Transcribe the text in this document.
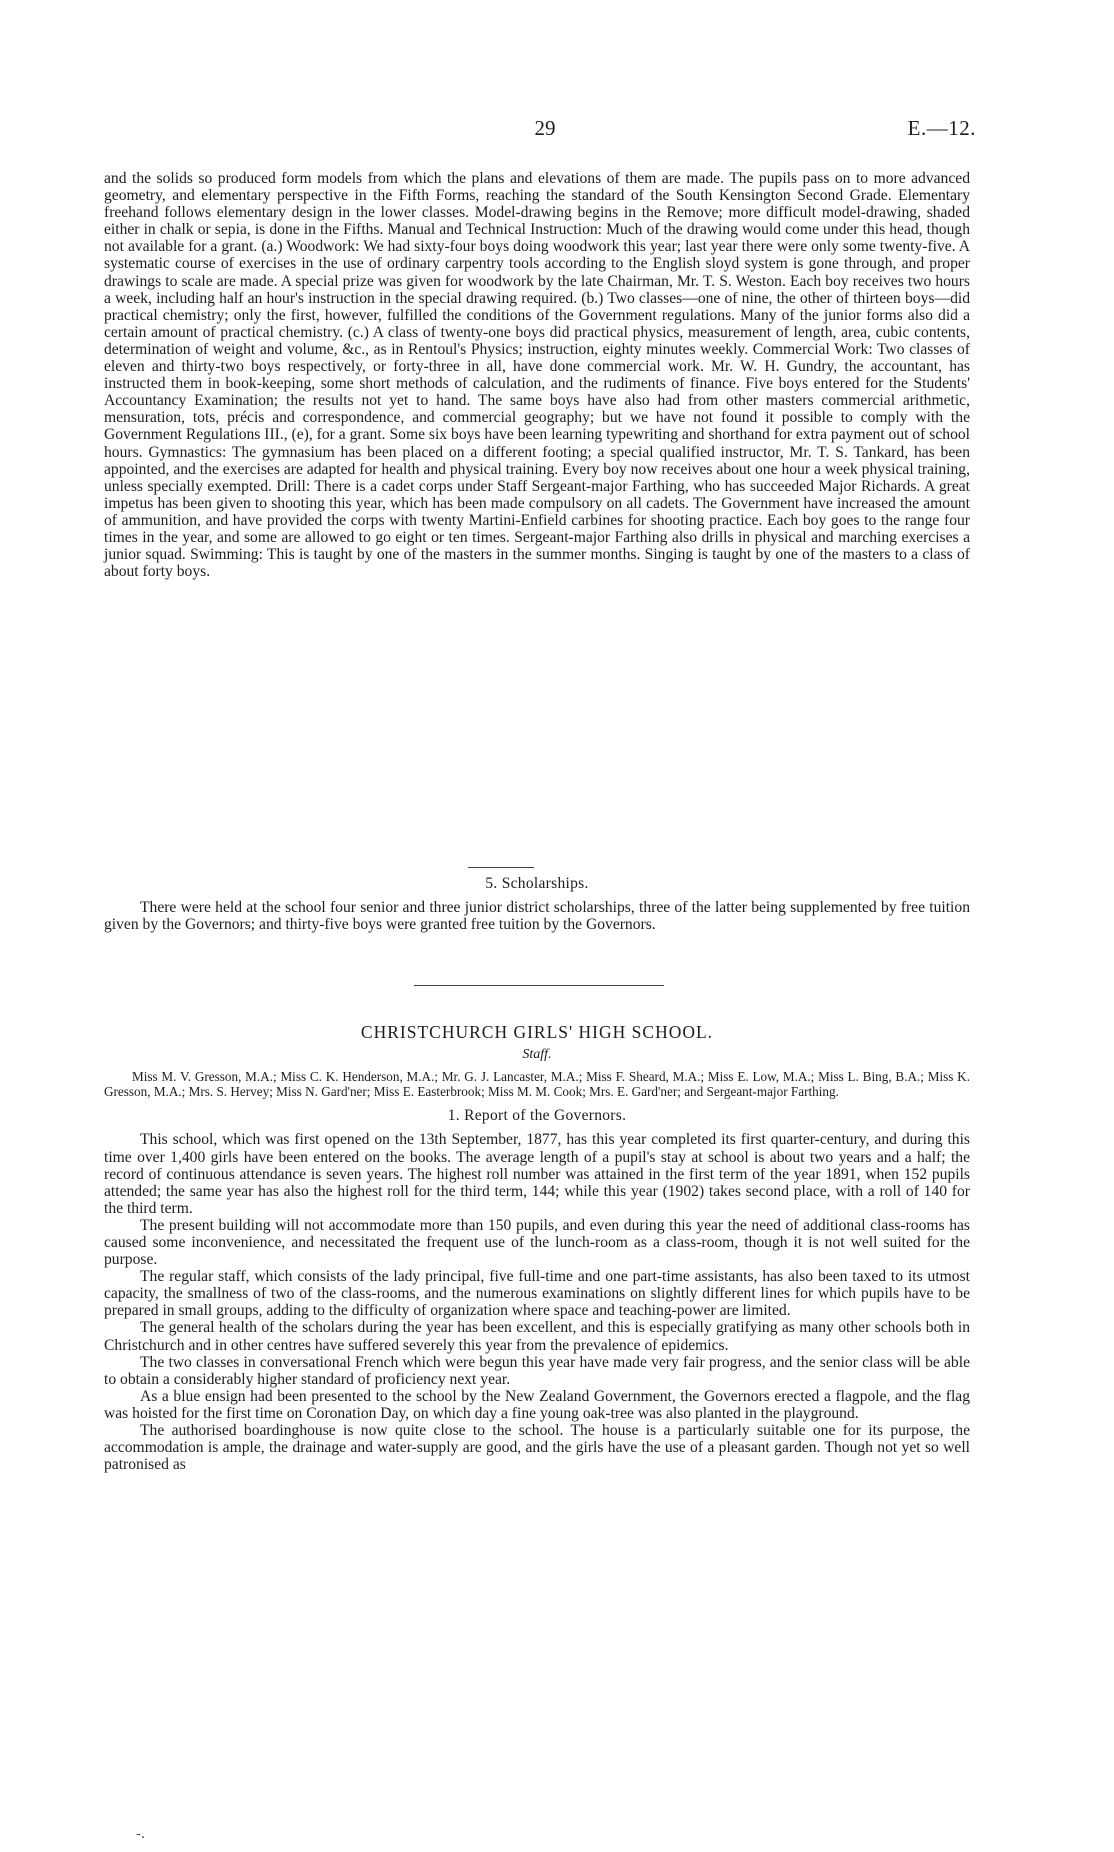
29	E.—12.

and the solids so produced form models from which the plans and elevations of them are made. The pupils pass on to more advanced geometry, and elementary perspective in the Fifth Forms, reaching the standard of the South Kensington Second Grade. Elementary freehand follows elementary design in the lower classes. Model-drawing begins in the Remove; more difficult model-drawing, shaded either in chalk or sepia, is done in the Fifths. Manual and Technical Instruction: Much of the drawing would come under this head, though not available for a grant. (a.) Woodwork: We had sixty-four boys doing woodwork this year; last year there were only some twenty-five. A systematic course of exercises in the use of ordinary carpentry tools according to the English sloyd system is gone through, and proper drawings to scale are made. A special prize was given for woodwork by the late Chairman, Mr. T. S. Weston. Each boy receives two hours a week, including half an hour's instruction in the special drawing required. (b.) Two classes—one of nine, the other of thirteen boys—did practical chemistry; only the first, however, fulfilled the conditions of the Government regulations. Many of the junior forms also did a certain amount of practical chemistry. (c.) A class of twenty-one boys did practical physics, measurement of length, area, cubic contents, determination of weight and volume, &c., as in Rentoul's Physics; instruction, eighty minutes weekly. Commercial Work: Two classes of eleven and thirty-two boys respectively, or forty-three in all, have done commercial work. Mr. W. H. Gundry, the accountant, has instructed them in book-keeping, some short methods of calculation, and the rudiments of finance. Five boys entered for the Students' Accountancy Examination; the results not yet to hand. The same boys have also had from other masters commercial arithmetic, mensuration, tots, précis and correspondence, and commercial geography; but we have not found it possible to comply with the Government Regulations III., (e), for a grant. Some six boys have been learning typewriting and shorthand for extra payment out of school hours. Gymnastics: The gymnasium has been placed on a different footing; a special qualified instructor, Mr. T. S. Tankard, has been appointed, and the exercises are adapted for health and physical training. Every boy now receives about one hour a week physical training, unless specially exempted. Drill: There is a cadet corps under Staff Sergeant-major Farthing, who has succeeded Major Richards. A great impetus has been given to shooting this year, which has been made compulsory on all cadets. The Government have increased the amount of ammunition, and have provided the corps with twenty Martini-Enfield carbines for shooting practice. Each boy goes to the range four times in the year, and some are allowed to go eight or ten times. Sergeant-major Farthing also drills in physical and marching exercises a junior squad. Swimming: This is taught by one of the masters in the summer months. Singing is taught by one of the masters to a class of about forty boys.

5. Scholarships.

There were held at the school four senior and three junior district scholarships, three of the latter being supplemented by free tuition given by the Governors; and thirty-five boys were granted free tuition by the Governors.

CHRISTCHURCH GIRLS' HIGH SCHOOL.
Staff.

Miss M. V. Gresson, M.A.; Miss C. K. Henderson, M.A.; Mr. G. J. Lancaster, M.A.; Miss F. Sheard, M.A.; Miss E. Low, M.A.; Miss L. Bing, B.A.; Miss K. Gresson, M.A.; Mrs. S. Hervey; Miss N. Gard'ner; Miss E. Easterbrook; Miss M. M. Cook; Mrs. E. Gard'ner; and Sergeant-major Farthing.

1. Report of the Governors.

This school, which was first opened on the 13th September, 1877, has this year completed its first quarter-century, and during this time over 1,400 girls have been entered on the books. The average length of a pupil's stay at school is about two years and a half; the record of continuous attendance is seven years. The highest roll number was attained in the first term of the year 1891, when 152 pupils attended; the same year has also the highest roll for the third term, 144; while this year (1902) takes second place, with a roll of 140 for the third term.

The present building will not accommodate more than 150 pupils, and even during this year the need of additional class-rooms has caused some inconvenience, and necessitated the frequent use of the lunch-room as a class-room, though it is not well suited for the purpose.

The regular staff, which consists of the lady principal, five full-time and one part-time assistants, has also been taxed to its utmost capacity, the smallness of two of the class-rooms, and the numerous examinations on slightly different lines for which pupils have to be prepared in small groups, adding to the difficulty of organization where space and teaching-power are limited.

The general health of the scholars during the year has been excellent, and this is especially gratifying as many other schools both in Christchurch and in other centres have suffered severely this year from the prevalence of epidemics.

The two classes in conversational French which were begun this year have made very fair progress, and the senior class will be able to obtain a considerably higher standard of proficiency next year.

As a blue ensign had been presented to the school by the New Zealand Government, the Governors erected a flagpole, and the flag was hoisted for the first time on Coronation Day, on which day a fine young oak-tree was also planted in the playground.

The authorised boardinghouse is now quite close to the school. The house is a particularly suitable one for its purpose, the accommodation is ample, the drainage and water-supply are good, and the girls have the use of a pleasant garden. Though not yet so well patronised as

-.
